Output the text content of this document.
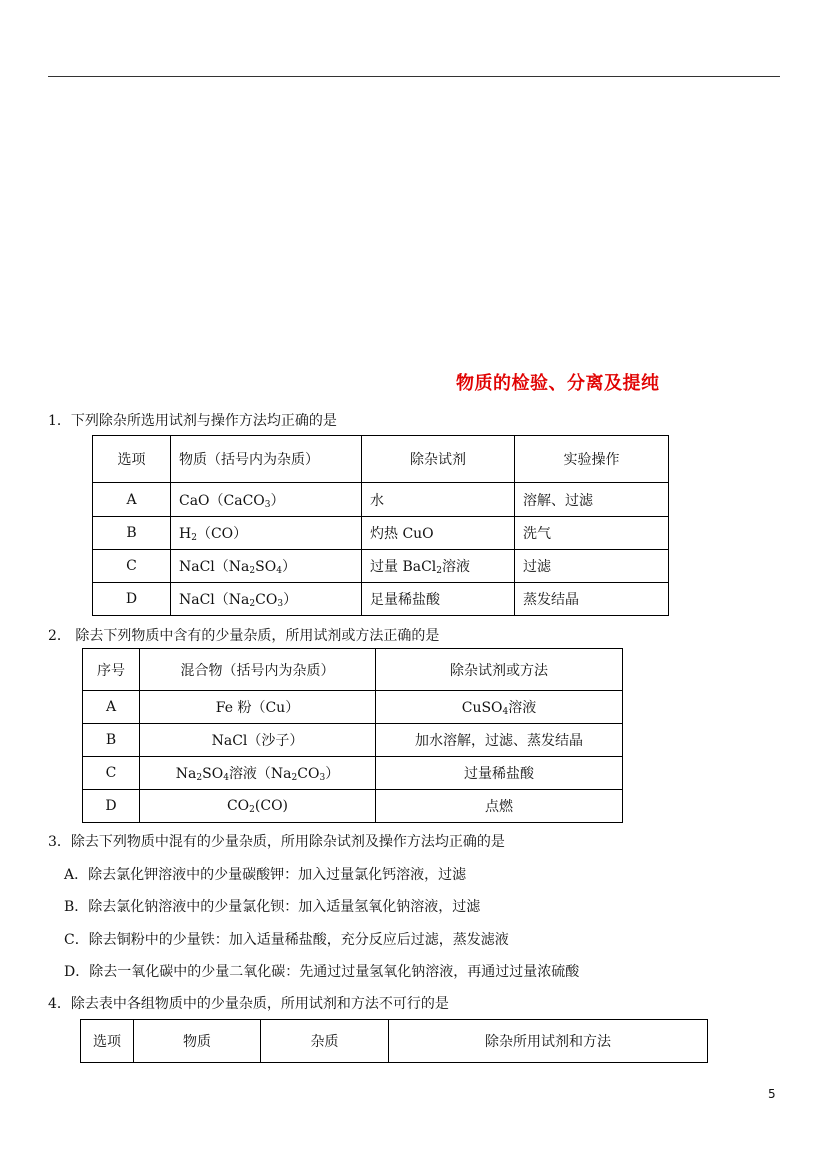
物质的检验、分离及提纯
1．下列除杂所选用试剂与操作方法均正确的是
选项	物质（括号内为杂质）	除杂试剂	实验操作
A	CaO（CaCO$_3$）	水	溶解、过滤
B	$H_2(CO)$	灼热 CuO	洗气
C	$NaCl(Na_2SO_4)$	过量 BaCl$_2$溶液	过滤
D	$NaCl(Na_2CO_3)$	足量稀盐酸	蒸发结晶
2． 除去下列物质中含有的少量杂质，所用试剂或方法正确的是
序号	混合物（括号内为杂质）	除杂试剂或方法
A	Fe 粉（Cu）	CuSO$_4$溶液
B	NaCl（沙子）	加水溶解，过滤、蒸发结晶
C	$Na_2SO_4$溶液$(Na_2CO_3)$	过量稀盐酸
D	$CO_2(CO)$	点燃
3．除去下列物质中混有的少量杂质，所用除杂试剂及操作方法均正确的是
A．除去氯化钾溶液中的少量碳酸钾：加入过量氯化钙溶液，过滤
B．除去氯化钠溶液中的少量氯化钡：加入适量氢氧化钠溶液，过滤
C．除去铜粉中的少量铁：加入适量稀盐酸，充分反应后过滤，蒸发滤液
D．除去一氧化碳中的少量二氧化碳：先通过过量氢氧化钠溶液，再通过过量浓硫酸
4．除去表中各组物质中的少量杂质，所用试剂和方法不可行的是
选项	物质	杂质	除杂所用试剂和方法
5
